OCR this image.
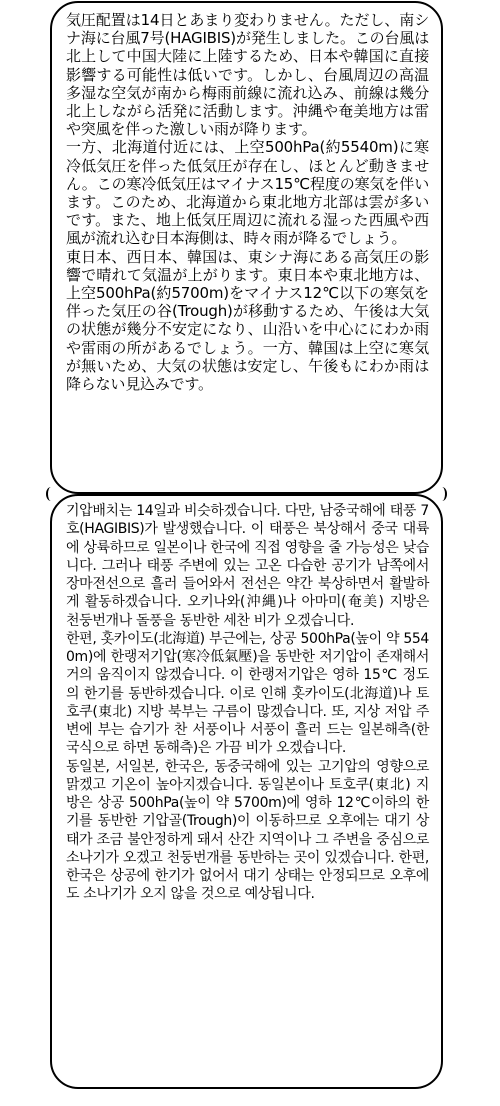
気圧配置は14日とあまり変わりません。ただし、南シナ海に台風7号(HAGIBIS)が発生しました。この台風は北上して中国大陸に上陸するため、日本や韓国に直接影響する可能性は低いです。しかし、台風周辺の高温多湿な空気が南から梅雨前線に流れ込み、前線は幾分北上しながら活発に活動します。沖縄や奄美地方は雷や突風を伴った激しい雨が降ります。

一方、北海道付近には、上空500hPa(約5540m)に寒冷低気圧を伴った低気圧が存在し、ほとんど動きません。この寒冷低気圧はマイナス15℃程度の寒気を伴います。このため、北海道から東北地方北部は雲が多いです。また、地上低気圧周辺に流れる湿った西風や西風が流れ込む日本海側は、時々雨が降るでしょう。

東日本、西日本、韓国は、東シナ海にある高気圧の影響で晴れて気温が上がります。東日本や東北地方は、上空500hPa(約5700m)をマイナス12℃以下の寒気を伴った気圧の谷(Trough)が移動するため、午後は大気の状態が幾分不安定になり、山沿いを中心ににわか雨や雷雨の所があるでしょう。一方、韓国は上空に寒気が無いため、大気の状態は安定し、午後もにわか雨は降らない見込みです。

기압배치는 14일과 비슷하겠습니다. 다만, 남중국해에 태풍 7호(HAGIBIS)가 발생했습니다. 이 태풍은 북상해서 중국 대륙에 상륙하므로 일본이나 한국에 직접 영향을 줄 가능성은 낮습니다. 그러나 태풍 주변에 있는 고온 다습한 공기가 남쪽에서 장마전선으로 흘러 들어와서 전선은 약간 북상하면서 활발하게 활동하겠습니다. 오키나와(沖縄)나 아마미(奄美) 지방은 천둥번개나 돌풍을 동반한 세찬 비가 오겠습니다.

한편, 홋카이도(北海道) 부근에는, 상공 500hPa(높이 약 5540m)에 한랭저기압(寒冷低氣壓)을 동반한 저기압이 존재해서 거의 움직이지 않겠습니다. 이 한랭저기압은 영하 15℃ 정도의 한기를 동반하겠습니다. 이로 인해 홋카이도(北海道)나 토호쿠(東北) 지방 북부는 구름이 많겠습니다. 또, 지상 저압 주변에 부는 습기가 찬 서풍이나 서풍이 흘러 드는 일본해측(한국식으로 하면 동해측)은 가끔 비가 오겠습니다.

동일본, 서일본, 한국은, 동중국해에 있는 고기압의 영향으로 맑겠고 기온이 높아지겠습니다. 동일본이나 토호쿠(東北) 지방은 상공 500hPa(높이 약 5700m)에 영하 12℃이하의 한기를 동반한 기압골(Trough)이 이동하므로 오후에는 대기 상태가 조금 불안정하게 돼서 산간 지역이나 그 주변을 중심으로 소나기가 오겠고 천둥번개를 동반하는 곳이 있겠습니다. 한편, 한국은 상공에 한기가 없어서 대기 상태는 안정되므로 오후에도 소나기가 오지 않을 것으로 예상됩니다.
